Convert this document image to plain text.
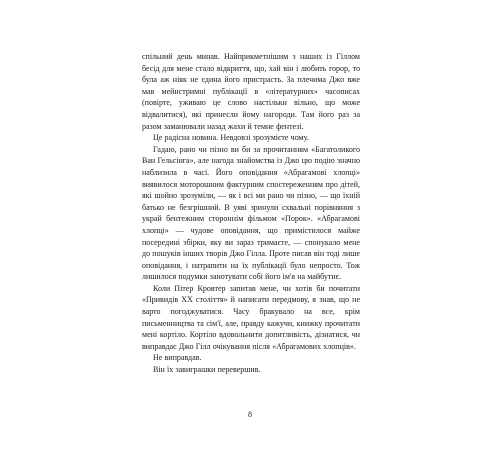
спільний день минав. Найприкметнішим з наших із Гіллом бесід для мене стало відкриття, що, хай він і любить горор, то була аж ніяк не єдина його пристрасть. За плечима Джо вже мав мейнстримні публікації в «літературних» часописах (повірте, уживаю це слово настільки вільно, що може відвалитися), які принесли йому нагороди. Там його раз за разом заманювали назад жахи й темне фентезі.

Це радісна новина. Невдовзі зрозумієте чому.

Гадаю, рано чи пізно ви би за прочитанням «Багатоликого Ван Гельсінга», але нагода знайомства із Джо цю подію значно наблизила в часі. Його оповідання «Абрагамові хлопці» виявилося моторошним фактурним спостереженням про дітей, які шойно зрозуміли, — як і всі ми рано чи пізно, — що їхній батько не безгрішний. В уяві зринули схвальні порівняння з украй бентежним стороннім фільмом «Порок». «Абрагамові хлопці» — чудове оповідання, що примістилося майже посередині збірки, яку ви зараз тримаєте, — спонукало мене до пошуків інших творів Джо Гілла. Проте писав він тоді лише оповідання, і натрапити на їх публікації було непросто. Тож лишилося подумки занотувати собі його ім'я на майбутнє.

Коли Пітер Кровтер запитав мене, чи хотів би почитати «Привидів ХХ століття» й написати передмову, я знав, що не варто погоджуватися. Часу бракувало на все, крім письменництва та сім'ї, але, правду кажучи, книжку прочитати мені кортіло. Кортіло вдовольнити допитливість, дізнатися, чи виправдає Джо Гілл очікування після «Абрагамових хлопців».

Не виправдав.

Він їх завиграшки перевершив.

8
